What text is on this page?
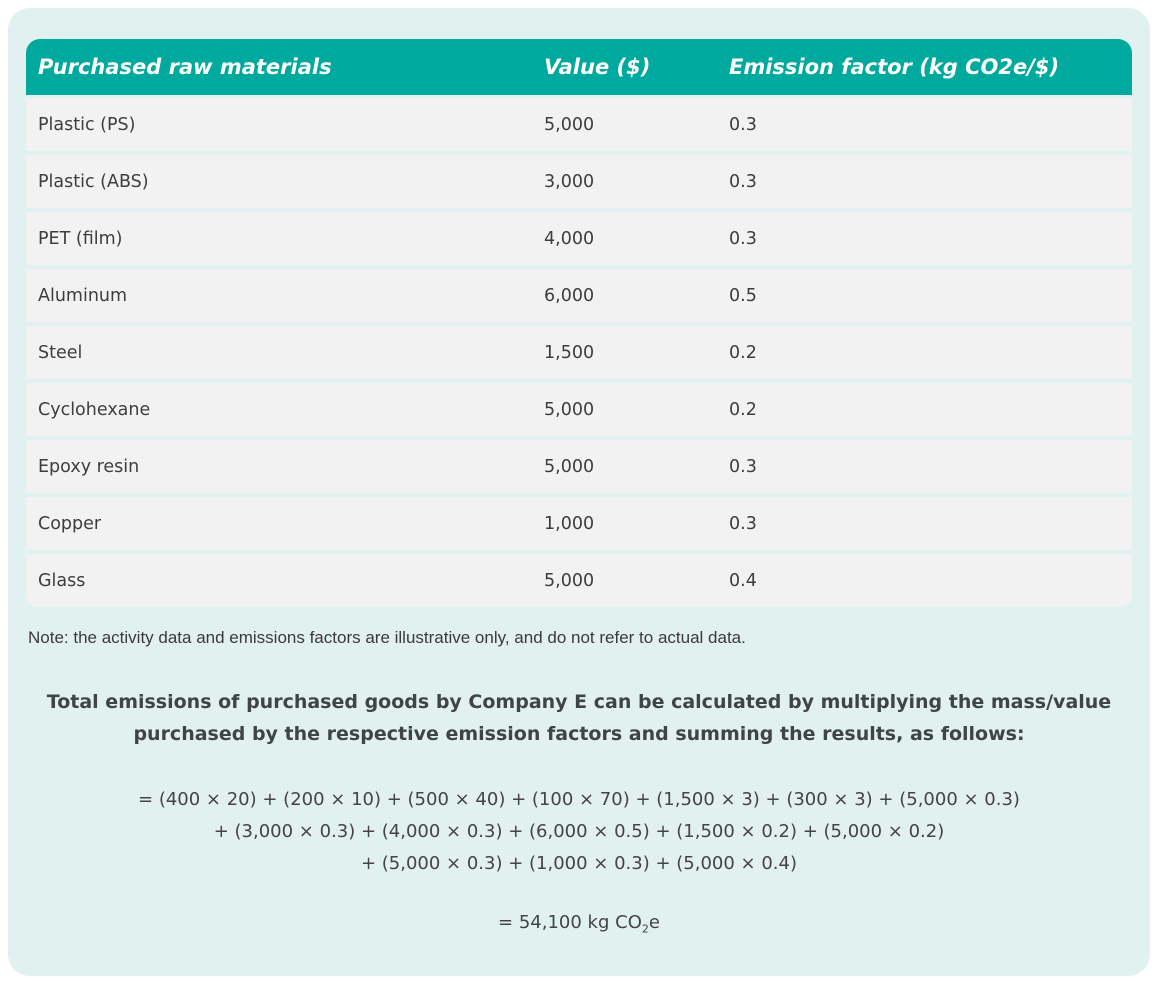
Purchased raw materials	Value ($)	Emission factor (kg CO2e/$)
Plastic (PS)	5,000	0.3
Plastic (ABS)	3,000	0.3
PET (film)	4,000	0.3
Aluminum	6,000	0.5
Steel	1,500	0.2
Cyclohexane	5,000	0.2
Epoxy resin	5,000	0.3
Copper	1,000	0.3
Glass	5,000	0.4
Note: the activity data and emissions factors are illustrative only, and do not refer to actual data.
Total emissions of purchased goods by Company E can be calculated by multiplying the mass/value
purchased by the respective emission factors and summing the results, as follows:
= (400 × 20) + (200 × 10) + (500 × 40) + (100 × 70) + (1,500 × 3) + (300 × 3) + (5,000 × 0.3)
+ (3,000 × 0.3) + (4,000 × 0.3) + (6,000 × 0.5) + (1,500 × 0.2) + (5,000 × 0.2)
+ (5,000 × 0.3) + (1,000 × 0.3) + (5,000 × 0.4)
= 54,100 kg $CO_2e$
